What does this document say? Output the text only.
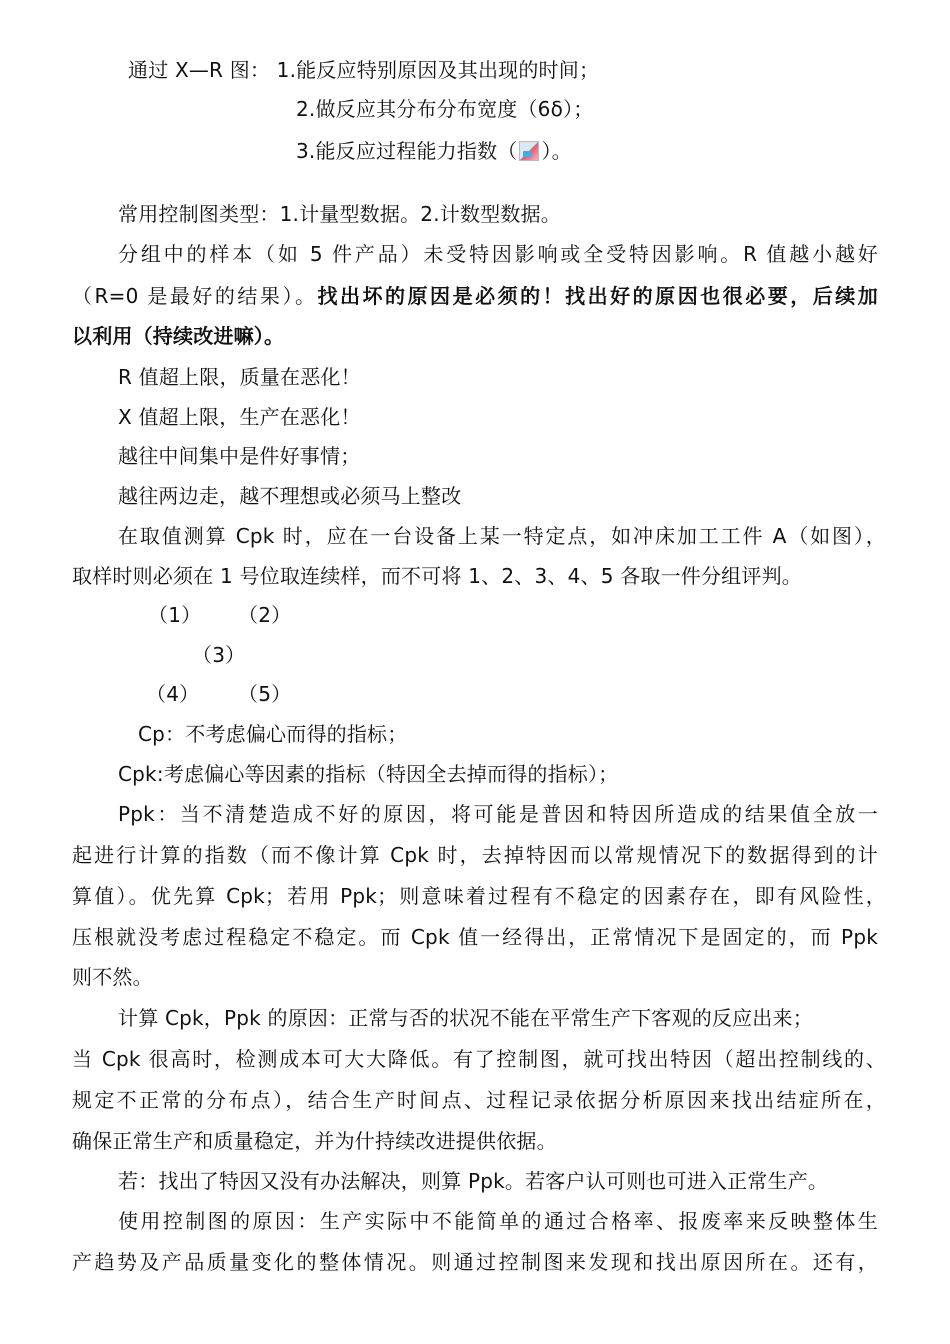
通过 X—R 图： 1.能反应特别原因及其出现的时间；
2.做反应其分布分布宽度（6δ）；
3.能反应过程能力指数（ ）。
常用控制图类型：1.计量型数据。2.计数型数据。
分组中的样本（如 5 件产品）未受特因影响或全受特因影响。R 值越小越好
（R=0 是最好的结果）。找出坏的原因是必须的！找出好的原因也很必要，后续加
以利用（持续改进嘛）。
R 值超上限，质量在恶化！
X 值超上限，生产在恶化！
越往中间集中是件好事情；
越往两边走，越不理想或必须马上整改
在取值测算 Cpk 时，应在一台设备上某一特定点，如冲床加工工件 A（如图），
取样时则必须在 1 号位取连续样，而不可将 1、2、3、4、5 各取一件分组评判。
（1） （2）
（3）
（4） （5）
Cp：不考虑偏心而得的指标；
Cpk:考虑偏心等因素的指标（特因全去掉而得的指标）；
Ppk：当不清楚造成不好的原因，将可能是普因和特因所造成的结果值全放一
起进行计算的指数（而不像计算 Cpk 时，去掉特因而以常规情况下的数据得到的计
算值）。优先算 Cpk；若用 Ppk；则意味着过程有不稳定的因素存在，即有风险性，
压根就没考虑过程稳定不稳定。而 Cpk 值一经得出，正常情况下是固定的，而 Ppk
则不然。
计算 Cpk，Ppk 的原因：正常与否的状况不能在平常生产下客观的反应出来；
当 Cpk 很高时，检测成本可大大降低。有了控制图，就可找出特因（超出控制线的、
规定不正常的分布点），结合生产时间点、过程记录依据分析原因来找出结症所在，
确保正常生产和质量稳定，并为什持续改进提供依据。
若：找出了特因又没有办法解决，则算 Ppk。若客户认可则也可进入正常生产。
使用控制图的原因：生产实际中不能简单的通过合格率、报废率来反映整体生
产趋势及产品质量变化的整体情况。则通过控制图来发现和找出原因所在。还有，
